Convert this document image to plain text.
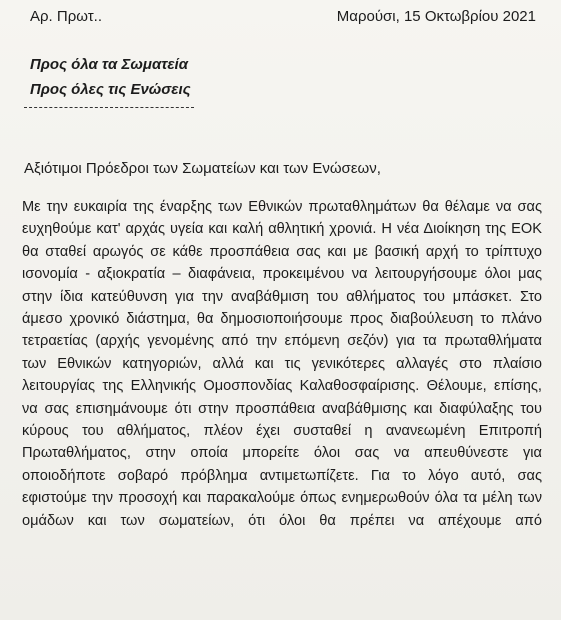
Αρ. Πρωτ..	Μαρούσι, 15 Οκτωβρίου 2021
Προς όλα τα Σωματεία
Προς όλες τις Ενώσεις
Αξιότιμοι Πρόεδροι των Σωματείων και των Ενώσεων,
Με την ευκαιρία της έναρξης των Εθνικών πρωταθλημάτων θα θέλαμε να σας
ευχηθούμε κατ' αρχάς υγεία και καλή αθλητική χρονιά. Η νέα Διοίκηση της ΕΟΚ
θα σταθεί αρωγός σε κάθε προσπάθεια σας και με βασική αρχή το τρίπτυχο
ισονομία - αξιοκρατία – διαφάνεια, προκειμένου να λειτουργήσουμε όλοι μας
στην ίδια κατεύθυνση για την αναβάθμιση του αθλήματος του μπάσκετ. Στο
άμεσο χρονικό διάστημα, θα δημοσιοποιήσουμε προς διαβούλευση το πλάνο
τετραετίας (αρχής γενομένης από την επόμενη σεζόν) για τα πρωταθλήματα
των Εθνικών κατηγοριών, αλλά και τις γενικότερες αλλαγές στο πλαίσιο
λειτουργίας της Ελληνικής Ομοσπονδίας Καλαθοσφαίρισης. Θέλουμε, επίσης,
να σας επισημάνουμε ότι στην προσπάθεια αναβάθμισης και διαφύλαξης του
κύρους του αθλήματος, πλέον έχει συσταθεί η ανανεωμένη Επιτροπή
Πρωταθλήματος, στην οποία μπορείτε όλοι σας να απευθύνεστε για
οποιοδήποτε σοβαρό πρόβλημα αντιμετωπίζετε. Για το λόγο αυτό, σας
εφιστούμε την προσοχή και παρακαλούμε όπως ενημερωθούν όλα τα μέλη των
ομάδων και των σωματείων, ότι όλοι θα πρέπει να απέχουμε από
